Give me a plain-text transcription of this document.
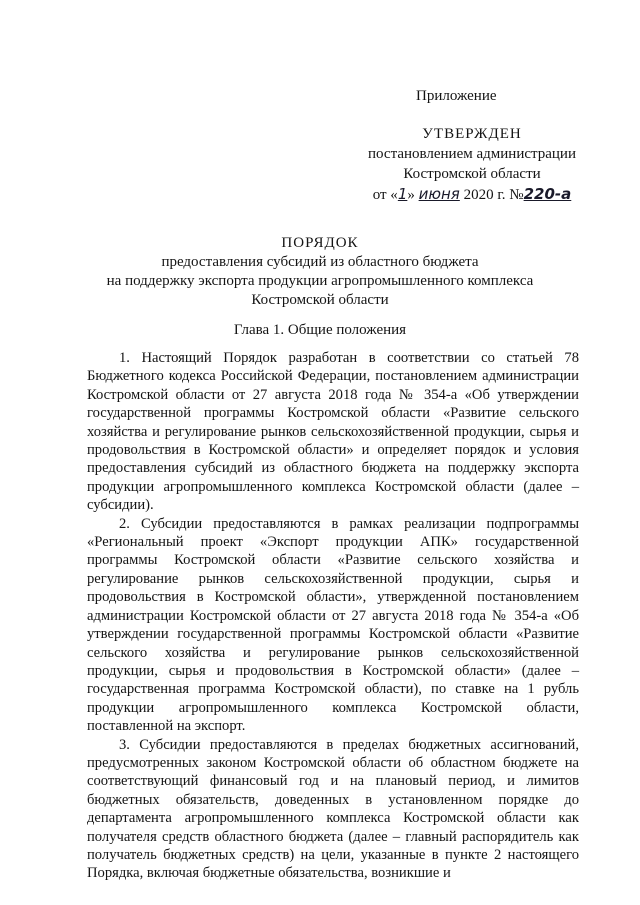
Приложение
УТВЕРЖДЕН
постановлением администрации
Костромской области
от «1» июня 2020 г. №220-а
ПОРЯДОК
предоставления субсидий из областного бюджета
на поддержку экспорта продукции агропромышленного комплекса
Костромской области
Глава 1. Общие положения

1. Настоящий Порядок разработан в соответствии со статьей 78 Бюджетного кодекса Российской Федерации, постановлением администрации Костромской области от 27 августа 2018 года № 354-а «Об утверждении государственной программы Костромской области «Развитие сельского хозяйства и регулирование рынков сельскохозяйственной продукции, сырья и продовольствия в Костромской области» и определяет порядок и условия предоставления субсидий из областного бюджета на поддержку экспорта продукции агропромышленного комплекса Костромской области (далее – субсидии).

2. Субсидии предоставляются в рамках реализации подпрограммы «Региональный проект «Экспорт продукции АПК» государственной программы Костромской области «Развитие сельского хозяйства и регулирование рынков сельскохозяйственной продукции, сырья и продовольствия в Костромской области», утвержденной постановлением администрации Костромской области от 27 августа 2018 года № 354-а «Об утверждении государственной программы Костромской области «Развитие сельского хозяйства и регулирование рынков сельскохозяйственной продукции, сырья и продовольствия в Костромской области» (далее – государственная программа Костромской области), по ставке на 1 рубль продукции агропромышленного комплекса Костромской области, поставленной на экспорт.

3. Субсидии предоставляются в пределах бюджетных ассигнований, предусмотренных законом Костромской области об областном бюджете на соответствующий финансовый год и на плановый период, и лимитов бюджетных обязательств, доведенных в установленном порядке до департамента агропромышленного комплекса Костромской области как получателя средств областного бюджета (далее – главный распорядитель как получатель бюджетных средств) на цели, указанные в пункте 2 настоящего Порядка, включая бюджетные обязательства, возникшие и
